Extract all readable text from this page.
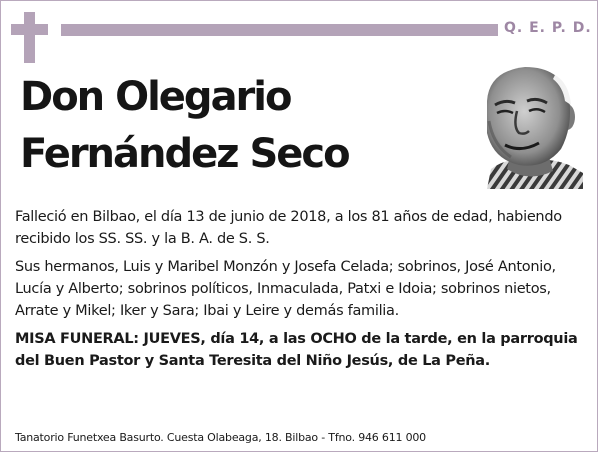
Q. E. P. D.
Don Olegario
Fernández Seco

Falleció en Bilbao, el día 13 de junio de 2018, a los 81 años de edad, habiendo recibido los SS. SS. y la B. A. de S. S.

Sus hermanos, Luis y Maribel Monzón y Josefa Celada; sobrinos, José Antonio, Lucía y Alberto; sobrinos políticos, Inmaculada, Patxi e Idoia; sobrinos nietos, Arrate y Mikel; Iker y Sara; Ibai y Leire y demás familia.

MISA FUNERAL: JUEVES, día 14, a las OCHO de la tarde, en la parroquia del Buen Pastor y Santa Teresita del Niño Jesús, de La Peña.

Tanatorio Funetxea Basurto. Cuesta Olabeaga, 18. Bilbao - Tfno. 946 611 000
